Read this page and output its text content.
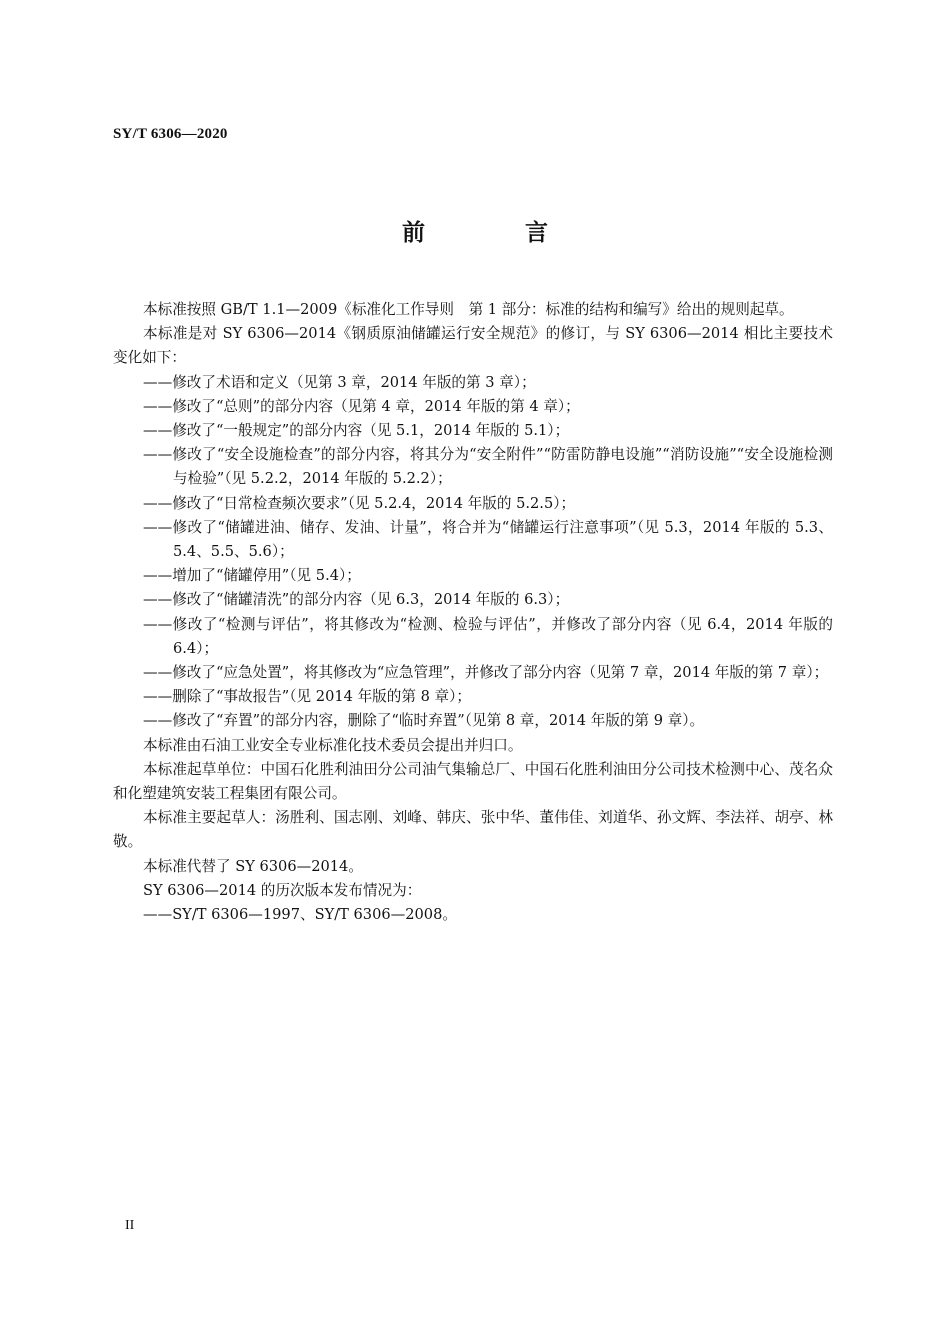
SY/T 6306—2020
前 言

本标准按照 GB/T 1.1—2009《标准化工作导则　第 1 部分：标准的结构和编写》给出的规则起草。

本标准是对 SY 6306—2014《钢质原油储罐运行安全规范》的修订，与 SY 6306—2014 相比主要技术变化如下：

——修改了术语和定义（见第 3 章，2014 年版的第 3 章）；

——修改了“总则”的部分内容（见第 4 章，2014 年版的第 4 章）；

——修改了“一般规定”的部分内容（见 5.1，2014 年版的 5.1）；

——修改了“安全设施检查”的部分内容，将其分为“安全附件”“防雷防静电设施”“消防设施”“安全设施检测与检验”（见 5.2.2，2014 年版的 5.2.2）；

——修改了“日常检查频次要求”（见 5.2.4，2014 年版的 5.2.5）；

——修改了“储罐进油、储存、发油、计量”，将合并为“储罐运行注意事项”（见 5.3，2014 年版的 5.3、5.4、5.5、5.6）；

——增加了“储罐停用”（见 5.4）；

——修改了“储罐清洗”的部分内容（见 6.3，2014 年版的 6.3）；

——修改了“检测与评估”，将其修改为“检测、检验与评估”，并修改了部分内容（见 6.4，2014 年版的 6.4）；

——修改了“应急处置”，将其修改为“应急管理”，并修改了部分内容（见第 7 章，2014 年版的第 7 章）；

——删除了“事故报告”（见 2014 年版的第 8 章）；

——修改了“弃置”的部分内容，删除了“临时弃置”（见第 8 章，2014 年版的第 9 章）。

本标准由石油工业安全专业标准化技术委员会提出并归口。

本标准起草单位：中国石化胜利油田分公司油气集输总厂、中国石化胜利油田分公司技术检测中心、茂名众和化塑建筑安装工程集团有限公司。

本标准主要起草人：汤胜利、国志刚、刘峰、韩庆、张中华、董伟佳、刘道华、孙文辉、李法祥、胡亭、林敬。

本标准代替了 SY 6306—2014。

SY 6306—2014 的历次版本发布情况为：

——SY/T 6306—1997、SY/T 6306—2008。

II
